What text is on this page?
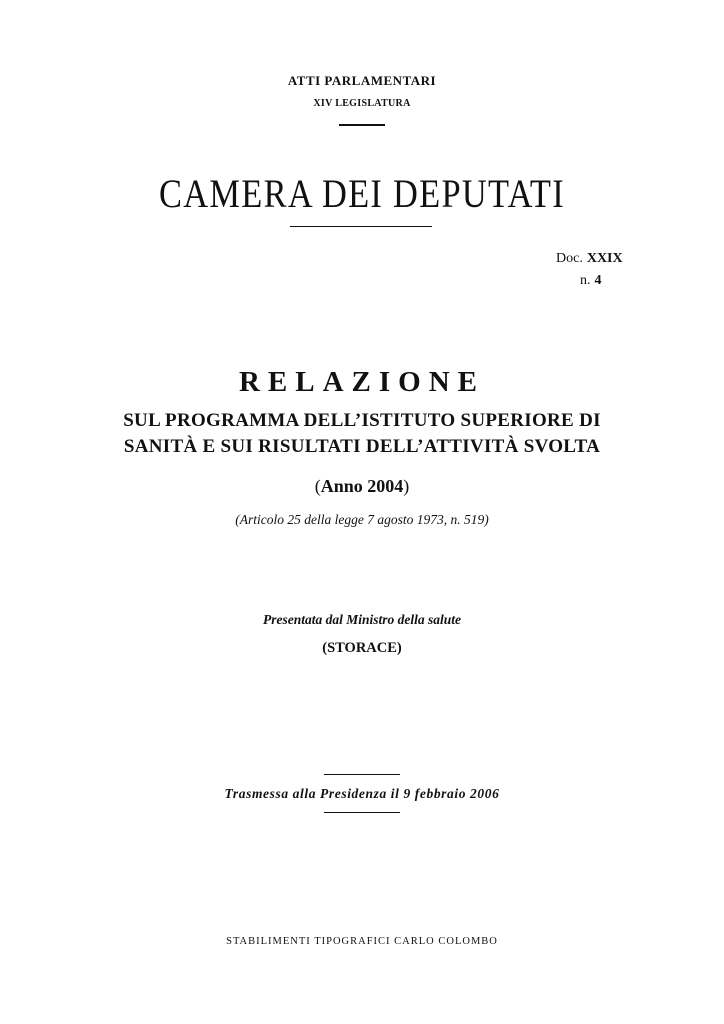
ATTI PARLAMENTARI
XIV LEGISLATURA
CAMERA DEI DEPUTATI
Doc. XXIX
n. 4
RELAZIONE
SUL PROGRAMMA DELL’ISTITUTO SUPERIORE DI
SANITÀ E SUI RISULTATI DELL’ATTIVITÀ SVOLTA
(Anno 2004)
(Articolo 25 della legge 7 agosto 1973, n. 519)
Presentata dal Ministro della salute
(STORACE)
Trasmessa alla Presidenza il 9 febbraio 2006
STABILIMENTI TIPOGRAFICI CARLO COLOMBO
